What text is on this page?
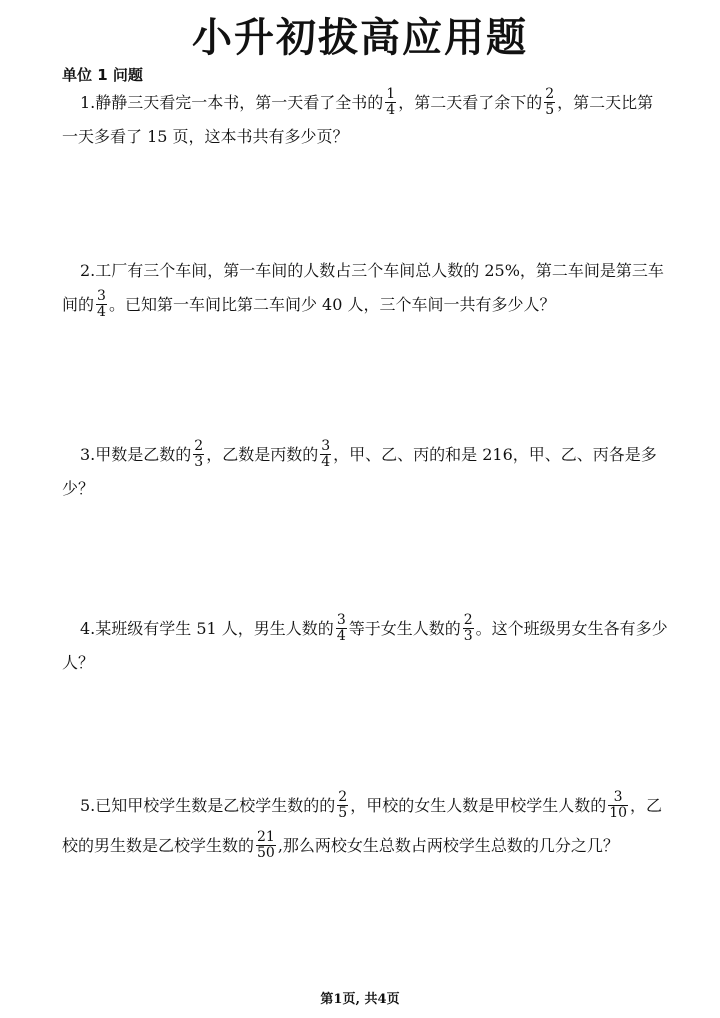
小升初拔高应用题
单位 1 问题
1.静静三天看完一本书，第一天看了全书的 $\frac{1}{4}$ ，第二天看了余下的 $\frac{2}{5}$ ，第二天比第一天多看了 15 页，这本书共有多少页？
2.工厂有三个车间，第一车间的人数占三个车间总人数的 25%，第二车间是第三车间的 $\frac{3}{4}$ 。已知第一车间比第二车间少 40 人，三个车间一共有多少人？
3.甲数是乙数的 $\frac{2}{3}$ ，乙数是丙数的 $\frac{3}{4}$ ，甲、乙、丙的和是 216，甲、乙、丙各是多少？
4.某班级有学生 51 人，男生人数的 $\frac{3}{4}$ 等于女生人数的 $\frac{2}{3}$ 。这个班级男女生各有多少人？
5.已知甲校学生数是乙校学生数的的 $\frac{2}{5}$ ，甲校的女生人数是甲校学生人数的 $\frac{3}{10}$ ，乙校的男生数是乙校学生数的 $\frac{21}{50}$ ,那么两校女生总数占两校学生总数的几分之几？
第1页, 共4页
